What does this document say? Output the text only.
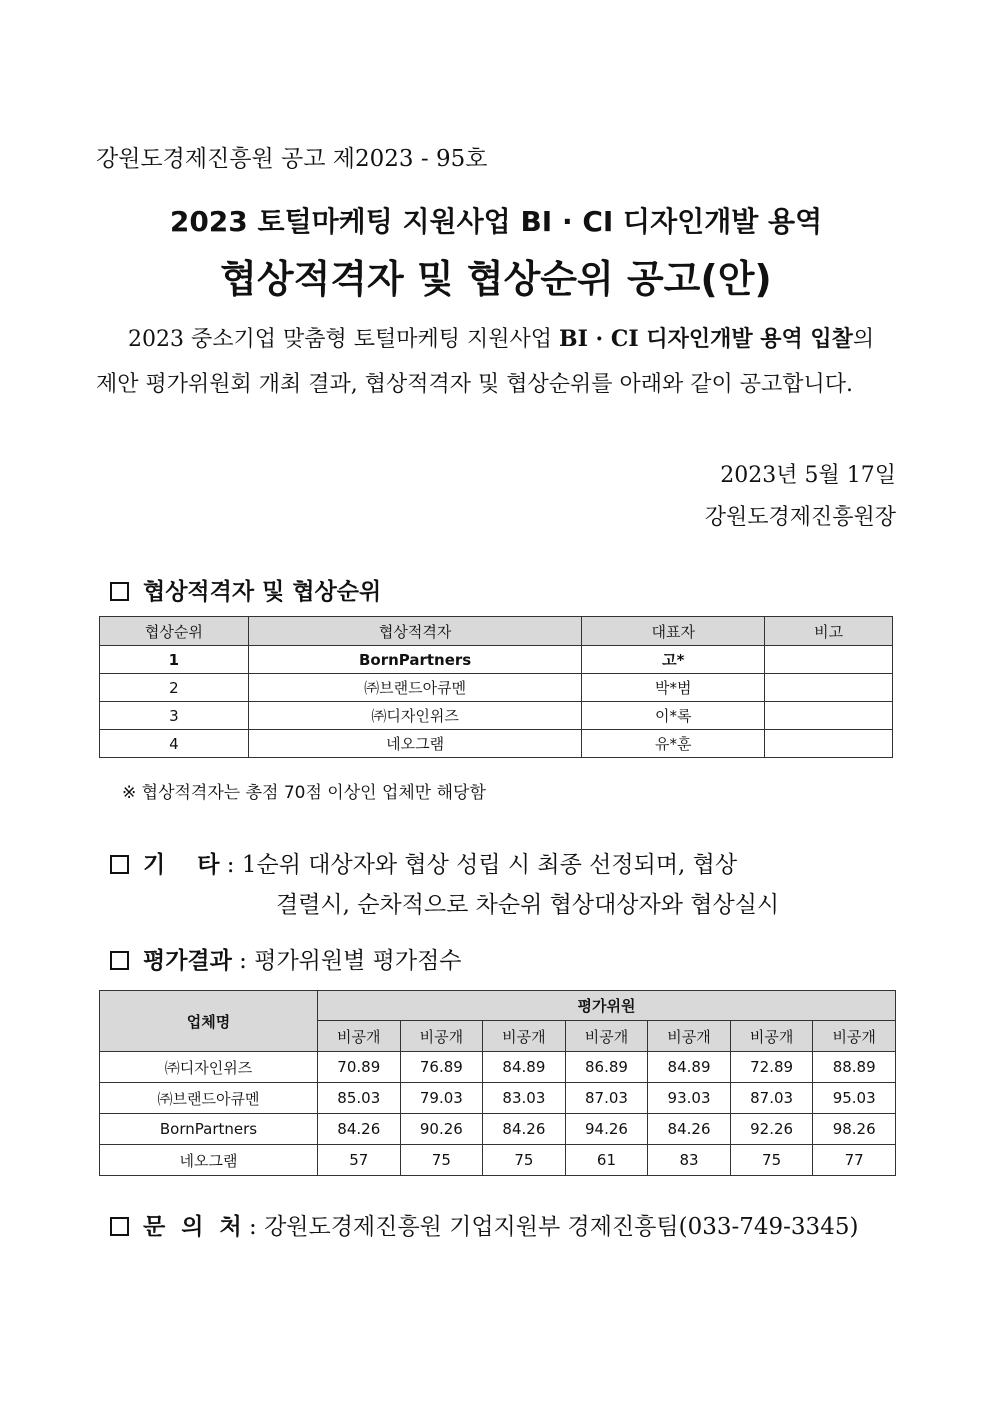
강원도경제진흥원 공고 제2023 - 95호
2023 토털마케팅 지원사업 BI · CI 디자인개발 용역
협상적격자 및 협상순위 공고(안)
2023 중소기업 맞춤형 토털마케팅 지원사업 BI · CI 디자인개발 용역 입찰의
제안 평가위원회 개최 결과, 협상적격자 및 협상순위를 아래와 같이 공고합니다.
2023년 5월 17일
강원도경제진흥원장
협상적격자 및 협상순위
협상순위	협상적격자	대표자	비고
1	BornPartners	고*	
2	㈜브랜드아큐멘	박*범	
3	㈜디자인위즈	이*록	
4	네오그램	유*훈	
※ 협상적격자는 총점 70점 이상인 업체만 해당함
기    타 : 1순위 대상자와 협상 성립 시 최종 선정되며, 협상
결렬시, 순차적으로 차순위 협상대상자와 협상실시
평가결과 : 평가위원별 평가점수
업체명	평가위원						
	비공개	비공개	비공개	비공개	비공개	비공개	비공개
㈜디자인위즈	70.89	76.89	84.89	86.89	84.89	72.89	88.89
㈜브랜드아큐멘	85.03	79.03	83.03	87.03	93.03	87.03	95.03
BornPartners	84.26	90.26	84.26	94.26	84.26	92.26	98.26
네오그램	57	75	75	61	83	75	77
문  의  처 : 강원도경제진흥원 기업지원부 경제진흥팀(033-749-3345)
